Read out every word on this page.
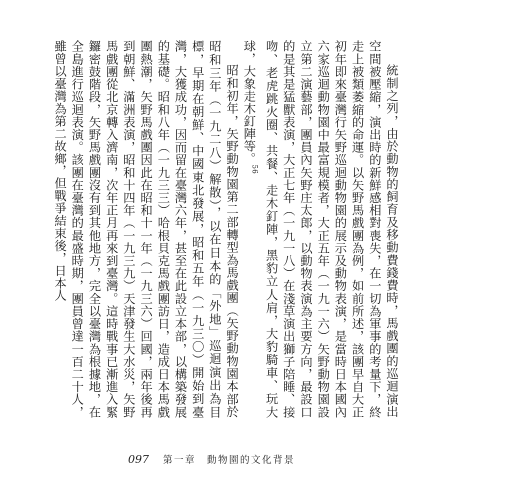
統制之列，由於動物的飼育及移動費錢費時，馬戲團的巡迴演出空間被壓縮，演出時的新鮮感相對喪失，在一切為軍事的考量下，終走上被類萎縮的命運。以矢野馬戲團為例，如前所述，該團早自大正初年即來臺灣行矢野巡迴動物園的展示及動物表演，是當時日本國內六家巡迴動物園中最富規模者，大正五年（一九一六）矢野動物園設立第二演藝部，團員內矢野庄太郎，以動物表演為主要方向，最設口的是其是猛獸表演，大正七年（一九一八）在淺草演出獅子陪睡、接吻、老虎跳火圈、共餐、走木釘陣，黑豹立人肩，大豹騎車、玩大球，大象走木釘陣等。$^{56}$

昭和初年，矢野動物園第二部轉型為馬戲團（矢野動物園本部於昭和三年（一九二八）解散），以在日本的「外地」巡迴演出為目標，早期在朝鮮、中國東北發展，昭和五年（一九三〇）開始到臺灣，大獲成功，因而留在臺灣六年，甚至在此設立本部，以構築發展的基礎。昭和八年（一九三三）哈根貝克馬戲團訪日，造成日本馬戲團熱潮，矢野馬戲團因此在昭和十一年（一九三六）回國，兩年後再到朝鮮、滿洲表演，昭和十四年（一九三九）天津發生大水災，矢野馬戲團從北京轉入濟南，次年正月再來到臺灣。這時戰事已漸進入緊鑼密鼓階段，矢野馬戲團沒有到其他地方，完全以臺灣為根據地，在全島進行巡迴表演。該團在臺灣的最盛時期，團員曾達一百二十人，雖曾以臺灣為第二故鄉，但戰爭結束後，日本人

097 第一章　動物園的文化背景
